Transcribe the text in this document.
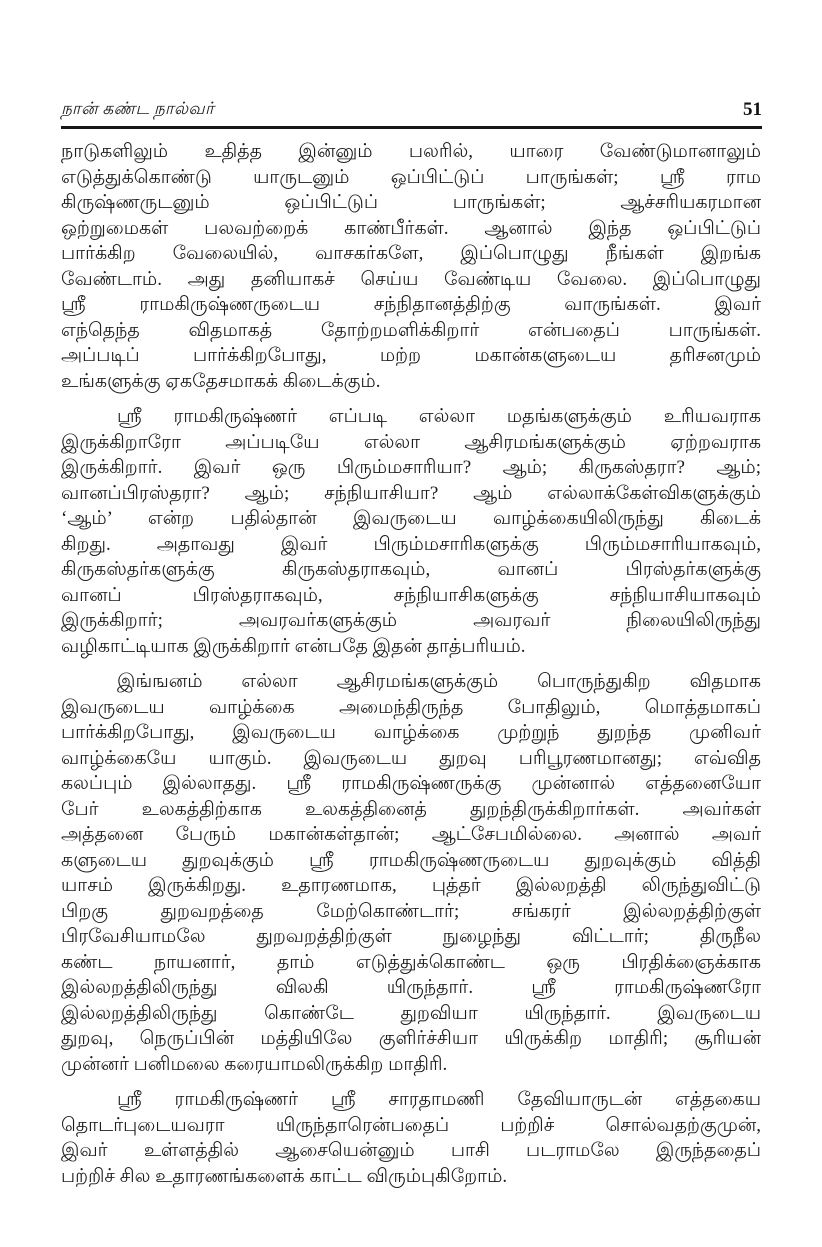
நான் கண்ட நால்வர்	51
நாடுகளிலும் உதித்த இன்னும் பலரில், யாரை வேண்டுமானாலும்
எடுத்துக்கொண்டு யாருடனும் ஒப்பிட்டுப் பாருங்கள்; ஸ்ரீ ராம
கிருஷ்ணருடனும் ஒப்பிட்டுப் பாருங்கள்; ஆச்சரியகரமான
ஒற்றுமைகள் பலவற்றைக் காண்பீர்கள். ஆனால் இந்த ஒப்பிட்டுப்
பார்க்கிற வேலையில், வாசகர்களே, இப்பொழுது நீங்கள் இறங்க
வேண்டாம். அது தனியாகச் செய்ய வேண்டிய வேலை. இப்பொழுது
ஸ்ரீ ராமகிருஷ்ணருடைய சந்நிதானத்திற்கு வாருங்கள். இவர்
எந்தெந்த விதமாகத் தோற்றமளிக்கிறார் என்பதைப் பாருங்கள்.
அப்படிப் பார்க்கிறபோது, மற்ற மகான்களுடைய தரிசனமும்
உங்களுக்கு ஏகதேசமாகக் கிடைக்கும்.
ஸ்ரீ ராமகிருஷ்ணர் எப்படி எல்லா மதங்களுக்கும் உரியவராக
இருக்கிறாரோ அப்படியே எல்லா ஆசிரமங்களுக்கும் ஏற்றவராக
இருக்கிறார். இவர் ஒரு பிரும்மசாரியா? ஆம்; கிருகஸ்தரா? ஆம்;
வானப்பிரஸ்தரா? ஆம்; சந்நியாசியா? ஆம் எல்லாக்கேள்விகளுக்கும்
‘ஆம்’ என்ற பதில்தான் இவருடைய வாழ்க்கையிலிருந்து கிடைக்
கிறது. அதாவது இவர் பிரும்மசாரிகளுக்கு பிரும்மசாரியாகவும்,
கிருகஸ்தர்களுக்கு கிருகஸ்தராகவும், வானப் பிரஸ்தர்களுக்கு
வானப் பிரஸ்தராகவும், சந்நியாசிகளுக்கு சந்நியாசியாகவும்
இருக்கிறார்; அவரவர்களுக்கும் அவரவர் நிலையிலிருந்து
வழிகாட்டியாக இருக்கிறார் என்பதே இதன் தாத்பரியம்.
இங்ஙனம் எல்லா ஆசிரமங்களுக்கும் பொருந்துகிற விதமாக
இவருடைய வாழ்க்கை அமைந்திருந்த போதிலும், மொத்தமாகப்
பார்க்கிறபோது, இவருடைய வாழ்க்கை முற்றுந் துறந்த முனிவர்
வாழ்க்கையே யாகும். இவருடைய துறவு பரிபூரணமானது; எவ்வித
கலப்பும் இல்லாதது. ஸ்ரீ ராமகிருஷ்ணருக்கு முன்னால் எத்தனையோ
பேர் உலகத்திற்காக உலகத்தினைத் துறந்திருக்கிறார்கள். அவர்கள்
அத்தனை பேரும் மகான்கள்தான்; ஆட்சேபமில்லை. அனால் அவர்
களுடைய துறவுக்கும் ஸ்ரீ ராமகிருஷ்ணருடைய துறவுக்கும் வித்தி
யாசம் இருக்கிறது. உதாரணமாக, புத்தர் இல்லறத்தி லிருந்துவிட்டு
பிறகு துறவறத்தை மேற்கொண்டார்; சங்கரர் இல்லறத்திற்குள்
பிரவேசியாமலே துறவறத்திற்குள் நுழைந்து விட்டார்; திருநீல
கண்ட நாயனார், தாம் எடுத்துக்கொண்ட ஒரு பிரதிக்ஞைக்காக
இல்லறத்திலிருந்து விலகி யிருந்தார். ஸ்ரீ ராமகிருஷ்ணரோ
இல்லறத்திலிருந்து கொண்டே துறவியா யிருந்தார். இவருடைய
துறவு, நெருப்பின் மத்தியிலே குளிர்ச்சியா யிருக்கிற மாதிரி; சூரியன்
முன்னர் பனிமலை கரையாமலிருக்கிற மாதிரி.
ஸ்ரீ ராமகிருஷ்ணர் ஸ்ரீ சாரதாமணி தேவியாருடன் எத்தகைய
தொடர்புடையவரா யிருந்தாரென்பதைப் பற்றிச் சொல்வதற்குமுன்,
இவர் உள்ளத்தில் ஆசையென்னும் பாசி படராமலே இருந்ததைப்
பற்றிச் சில உதாரணங்களைக் காட்ட விரும்புகிறோம்.
